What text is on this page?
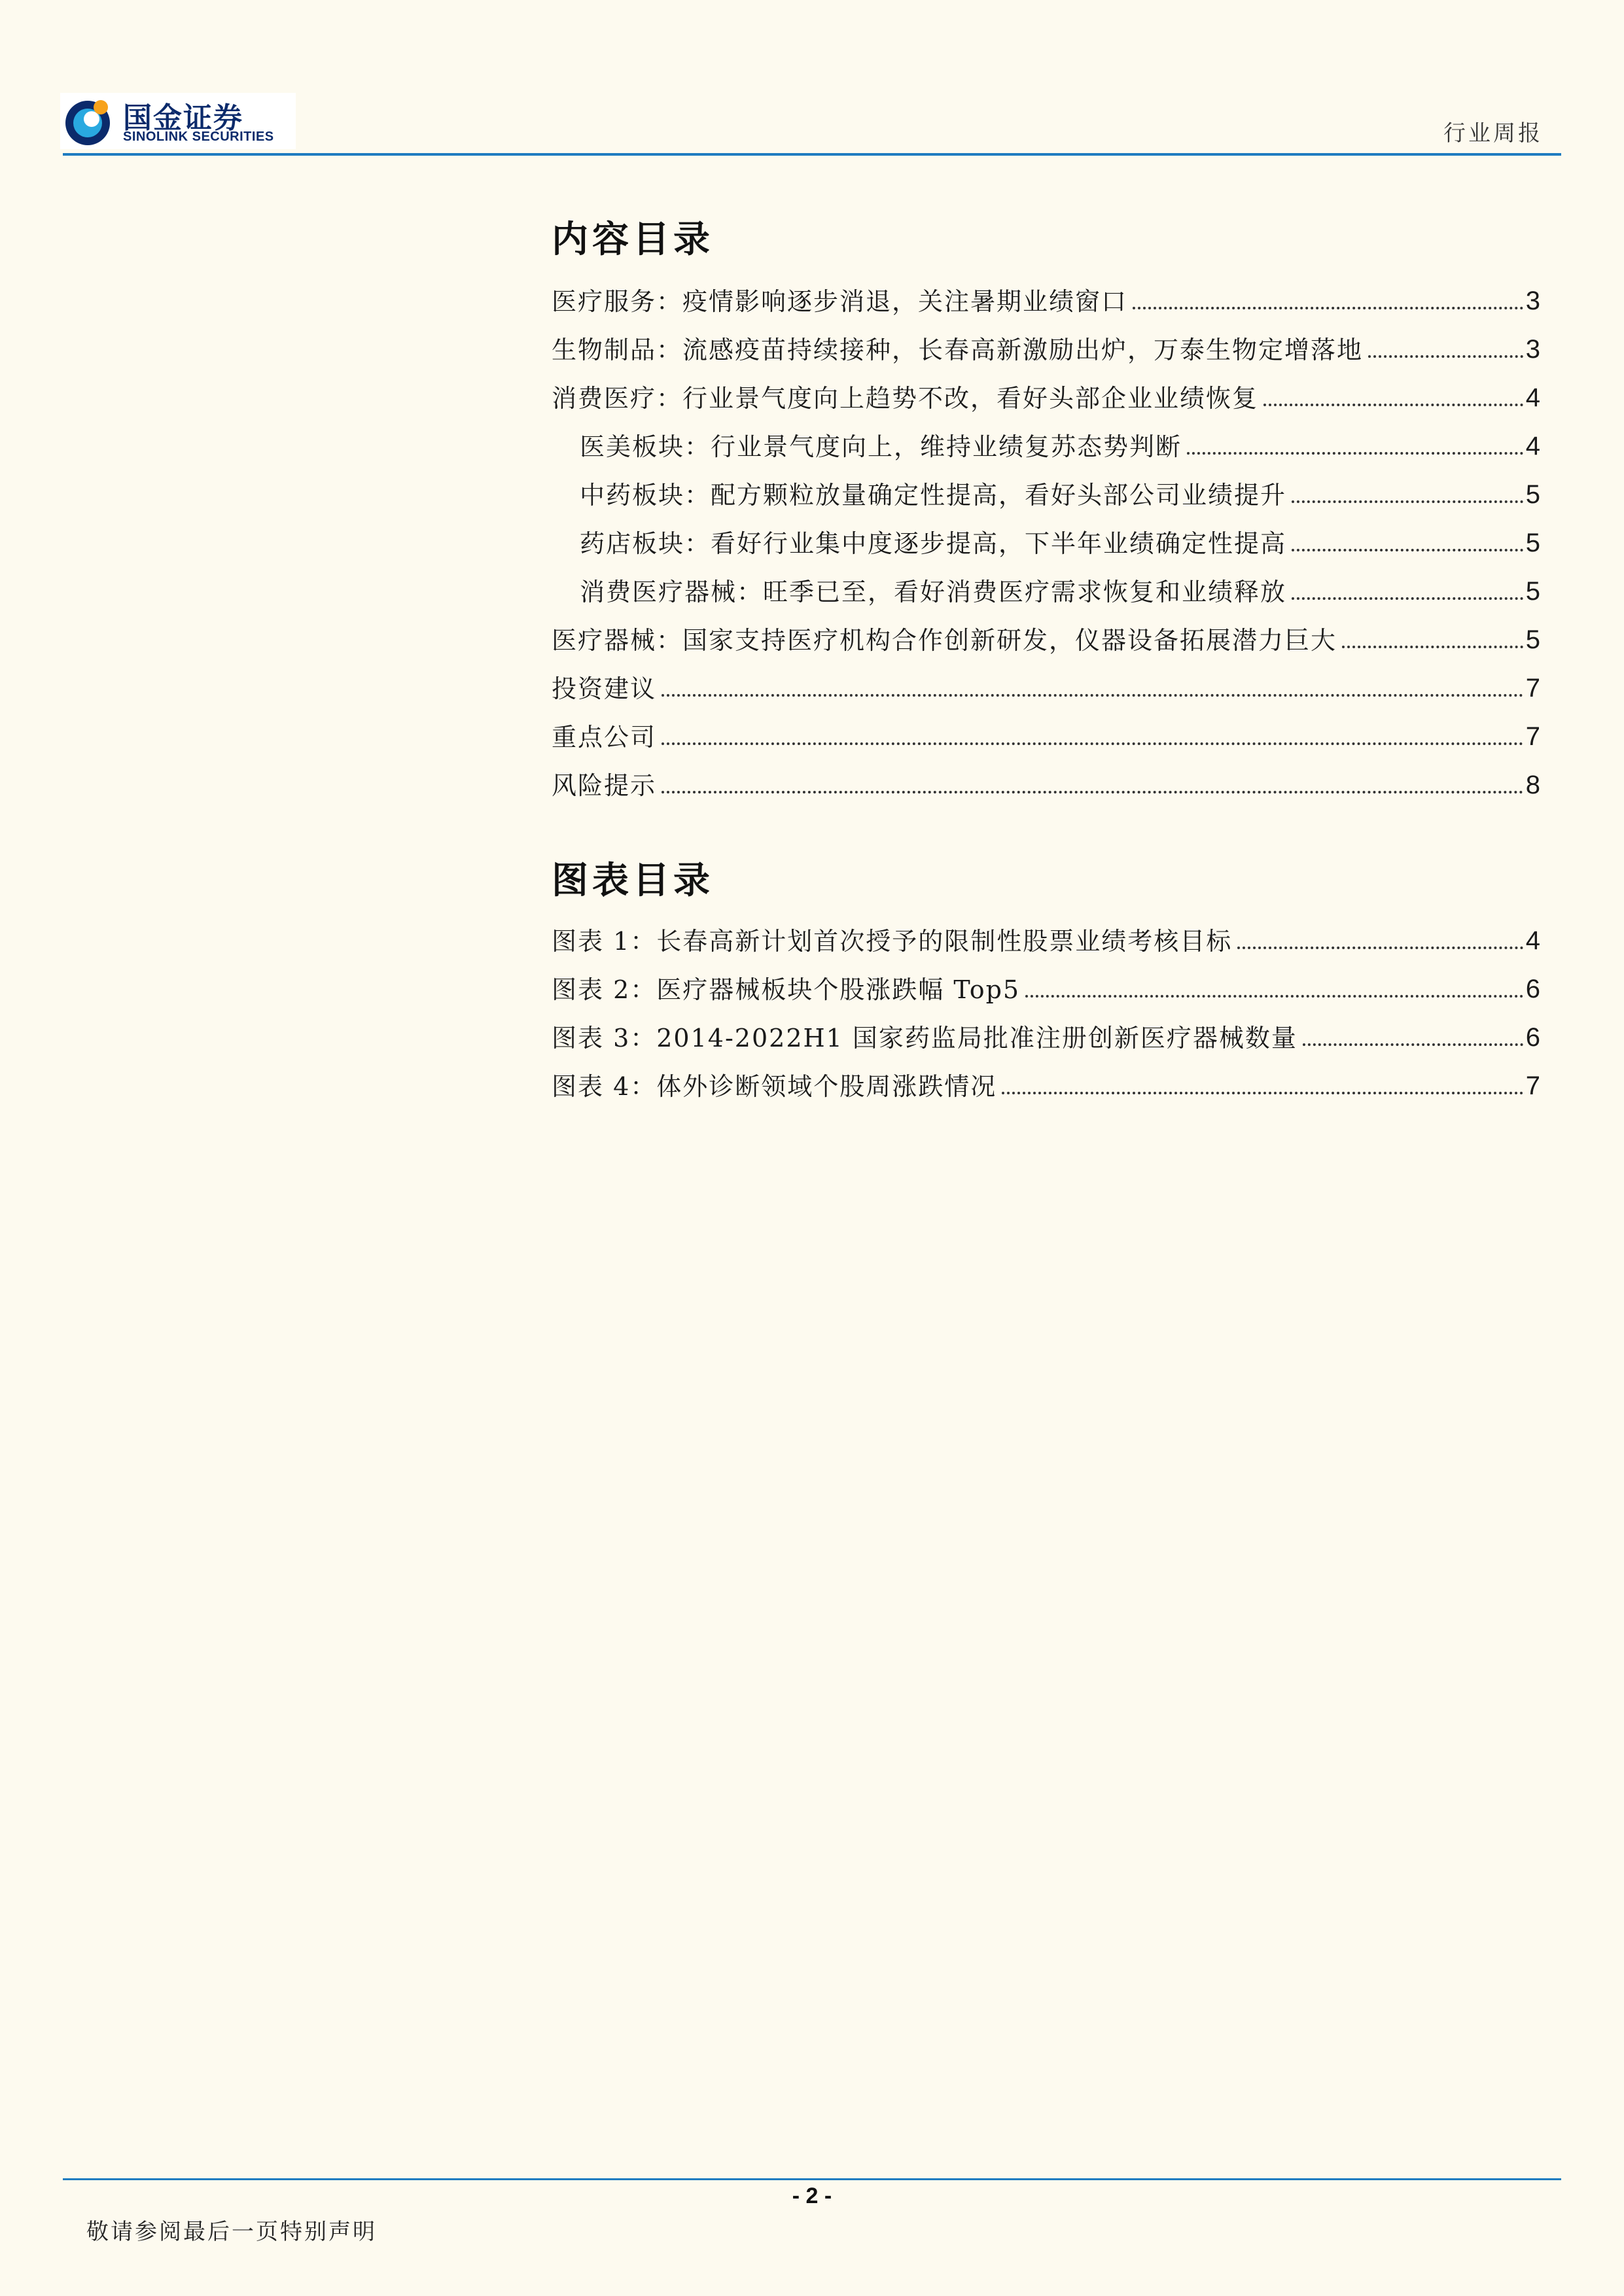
国金证券
SINOLINK SECURITIES	行业周报
内容目录
医疗服务：疫情影响逐步消退，关注暑期业绩窗口	3
生物制品：流感疫苗持续接种，长春高新激励出炉，万泰生物定增落地	3
消费医疗：行业景气度向上趋势不改，看好头部企业业绩恢复	4
医美板块：行业景气度向上，维持业绩复苏态势判断	4
中药板块：配方颗粒放量确定性提高，看好头部公司业绩提升	5
药店板块：看好行业集中度逐步提高，下半年业绩确定性提高	5
消费医疗器械：旺季已至，看好消费医疗需求恢复和业绩释放	5
医疗器械：国家支持医疗机构合作创新研发，仪器设备拓展潜力巨大	5
投资建议	7
重点公司	7
风险提示	8
图表目录
图表 1：长春高新计划首次授予的限制性股票业绩考核目标	4
图表 2：医疗器械板块个股涨跌幅 Top5	6
图表 3：2014-2022H1 国家药监局批准注册创新医疗器械数量	6
图表 4：体外诊断领域个股周涨跌情况	7
- 2 -
敬请参阅最后一页特别声明
